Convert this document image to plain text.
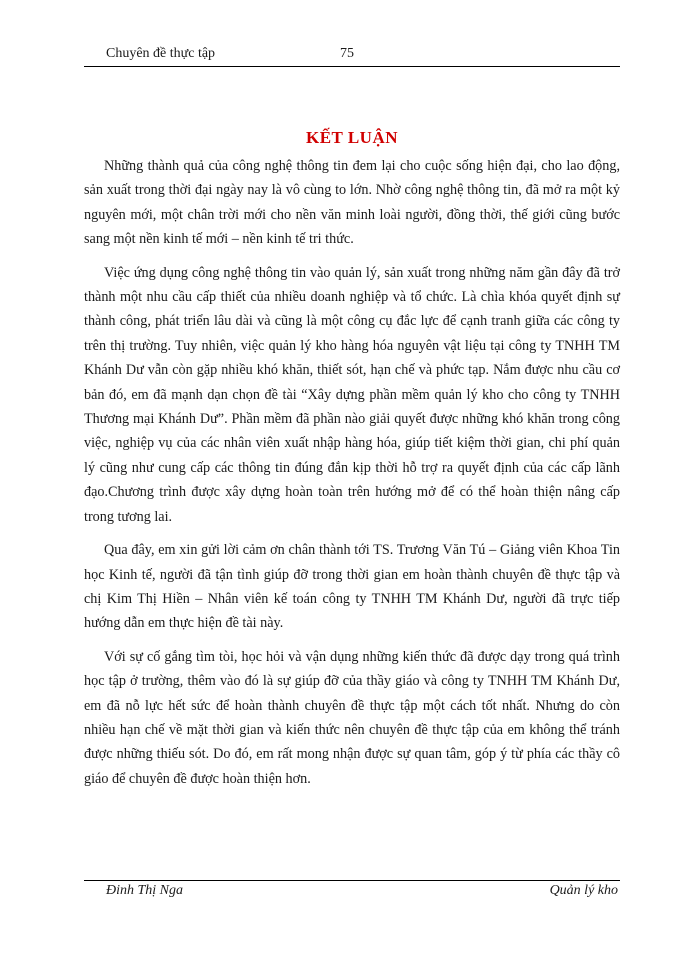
Chuyên đề thực tập	75
KẾT LUẬN

Những thành quả của công nghệ thông tin đem lại cho cuộc sống hiện đại, cho lao động, sản xuất trong thời đại ngày nay là vô cùng to lớn. Nhờ công nghệ thông tin, đã mở ra một kỷ nguyên mới, một chân trời mới cho nền văn minh loài người, đồng thời, thế giới cũng bước sang một nền kinh tế mới – nền kinh tế tri thức.

Việc ứng dụng công nghệ thông tin vào quản lý, sản xuất trong những năm gần đây đã trở thành một nhu cầu cấp thiết của nhiều doanh nghiệp và tổ chức. Là chìa khóa quyết định sự thành công, phát triển lâu dài và cũng là một công cụ đắc lực để cạnh tranh giữa các công ty trên thị trường. Tuy nhiên, việc quản lý kho hàng hóa nguyên vật liệu tại công ty TNHH TM Khánh Dư vẫn còn gặp nhiều khó khăn, thiết sót, hạn chế và phức tạp. Nắm được nhu cầu cơ bản đó, em đã mạnh dạn chọn đề tài “Xây dựng phần mềm quản lý kho cho công ty TNHH Thương mại Khánh Dư”. Phần mềm đã phần nào giải quyết được những khó khăn trong công việc, nghiệp vụ của các nhân viên xuất nhập hàng hóa, giúp tiết kiệm thời gian, chi phí quản lý cũng như cung cấp các thông tin đúng đắn kịp thời hỗ trợ ra quyết định của các cấp lãnh đạo.Chương trình được xây dựng hoàn toàn trên hướng mở để có thể hoàn thiện nâng cấp trong tương lai.

Qua đây, em xin gửi lời cảm ơn chân thành tới TS. Trương Văn Tú – Giảng viên Khoa Tin học Kinh tế, người đã tận tình giúp đỡ trong thời gian em hoàn thành chuyên đề thực tập và chị Kim Thị Hiền – Nhân viên kế toán công ty TNHH TM Khánh Dư, người đã trực tiếp hướng dẫn em thực hiện đề tài này.

Với sự cố gắng tìm tòi, học hỏi và vận dụng những kiến thức đã được dạy trong quá trình học tập ở trường, thêm vào đó là sự giúp đỡ của thầy giáo và công ty TNHH TM Khánh Dư, em đã nỗ lực hết sức để hoàn thành chuyên đề thực tập một cách tốt nhất. Nhưng do còn nhiều hạn chế về mặt thời gian và kiến thức nên chuyên đề thực tập của em không thể tránh được những thiếu sót. Do đó, em rất mong nhận được sự quan tâm, góp ý từ phía các thầy cô giáo để chuyên đề được hoàn thiện hơn.

Đinh Thị Nga	Quản lý kho
